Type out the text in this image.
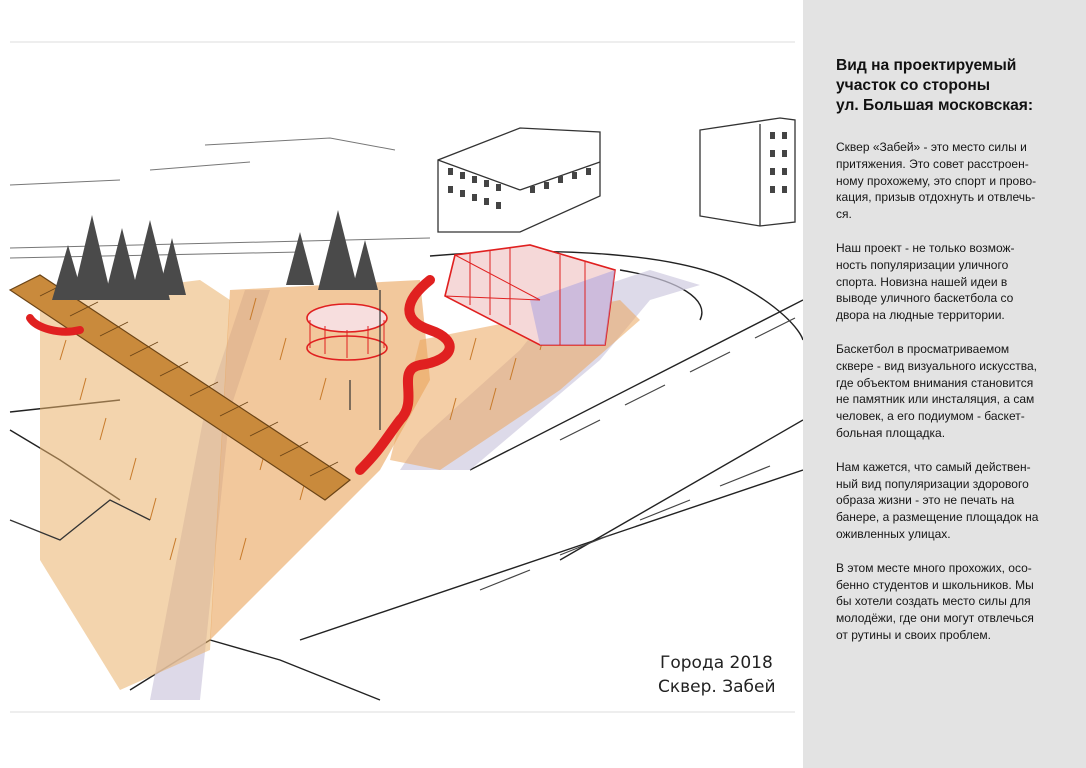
Города 2018
Сквер. Забей
Вид на проектируемый
участок со стороны
ул. Большая московская:

Сквер «Забей» - это место силы и
притяжения. Это совет расстроен-
ному прохожему, это спорт и прово-
кация, призыв отдохнуть и отвлечь-
ся.

Наш проект - не только возмож-
ность популяризации уличного
спорта. Новизна нашей идеи в
выводе уличного баскетбола со
двора на людные территории.

Баскетбол в просматриваемом
сквере - вид визуального искусства,
где объектом внимания становится
не памятник или инсталяция, а сам
человек, а его подиумом - баскет-
больная площадка.

Нам кажется, что самый действен-
ный вид популяризации здорового
образа жизни - это не печать на
банере, а размещение площадок на
оживленных улицах.

В этом месте много прохожих, осо-
бенно студентов и школьников. Мы
бы хотели создать место силы для
молодёжи, где они могут отвлечься
от рутины и своих проблем.
